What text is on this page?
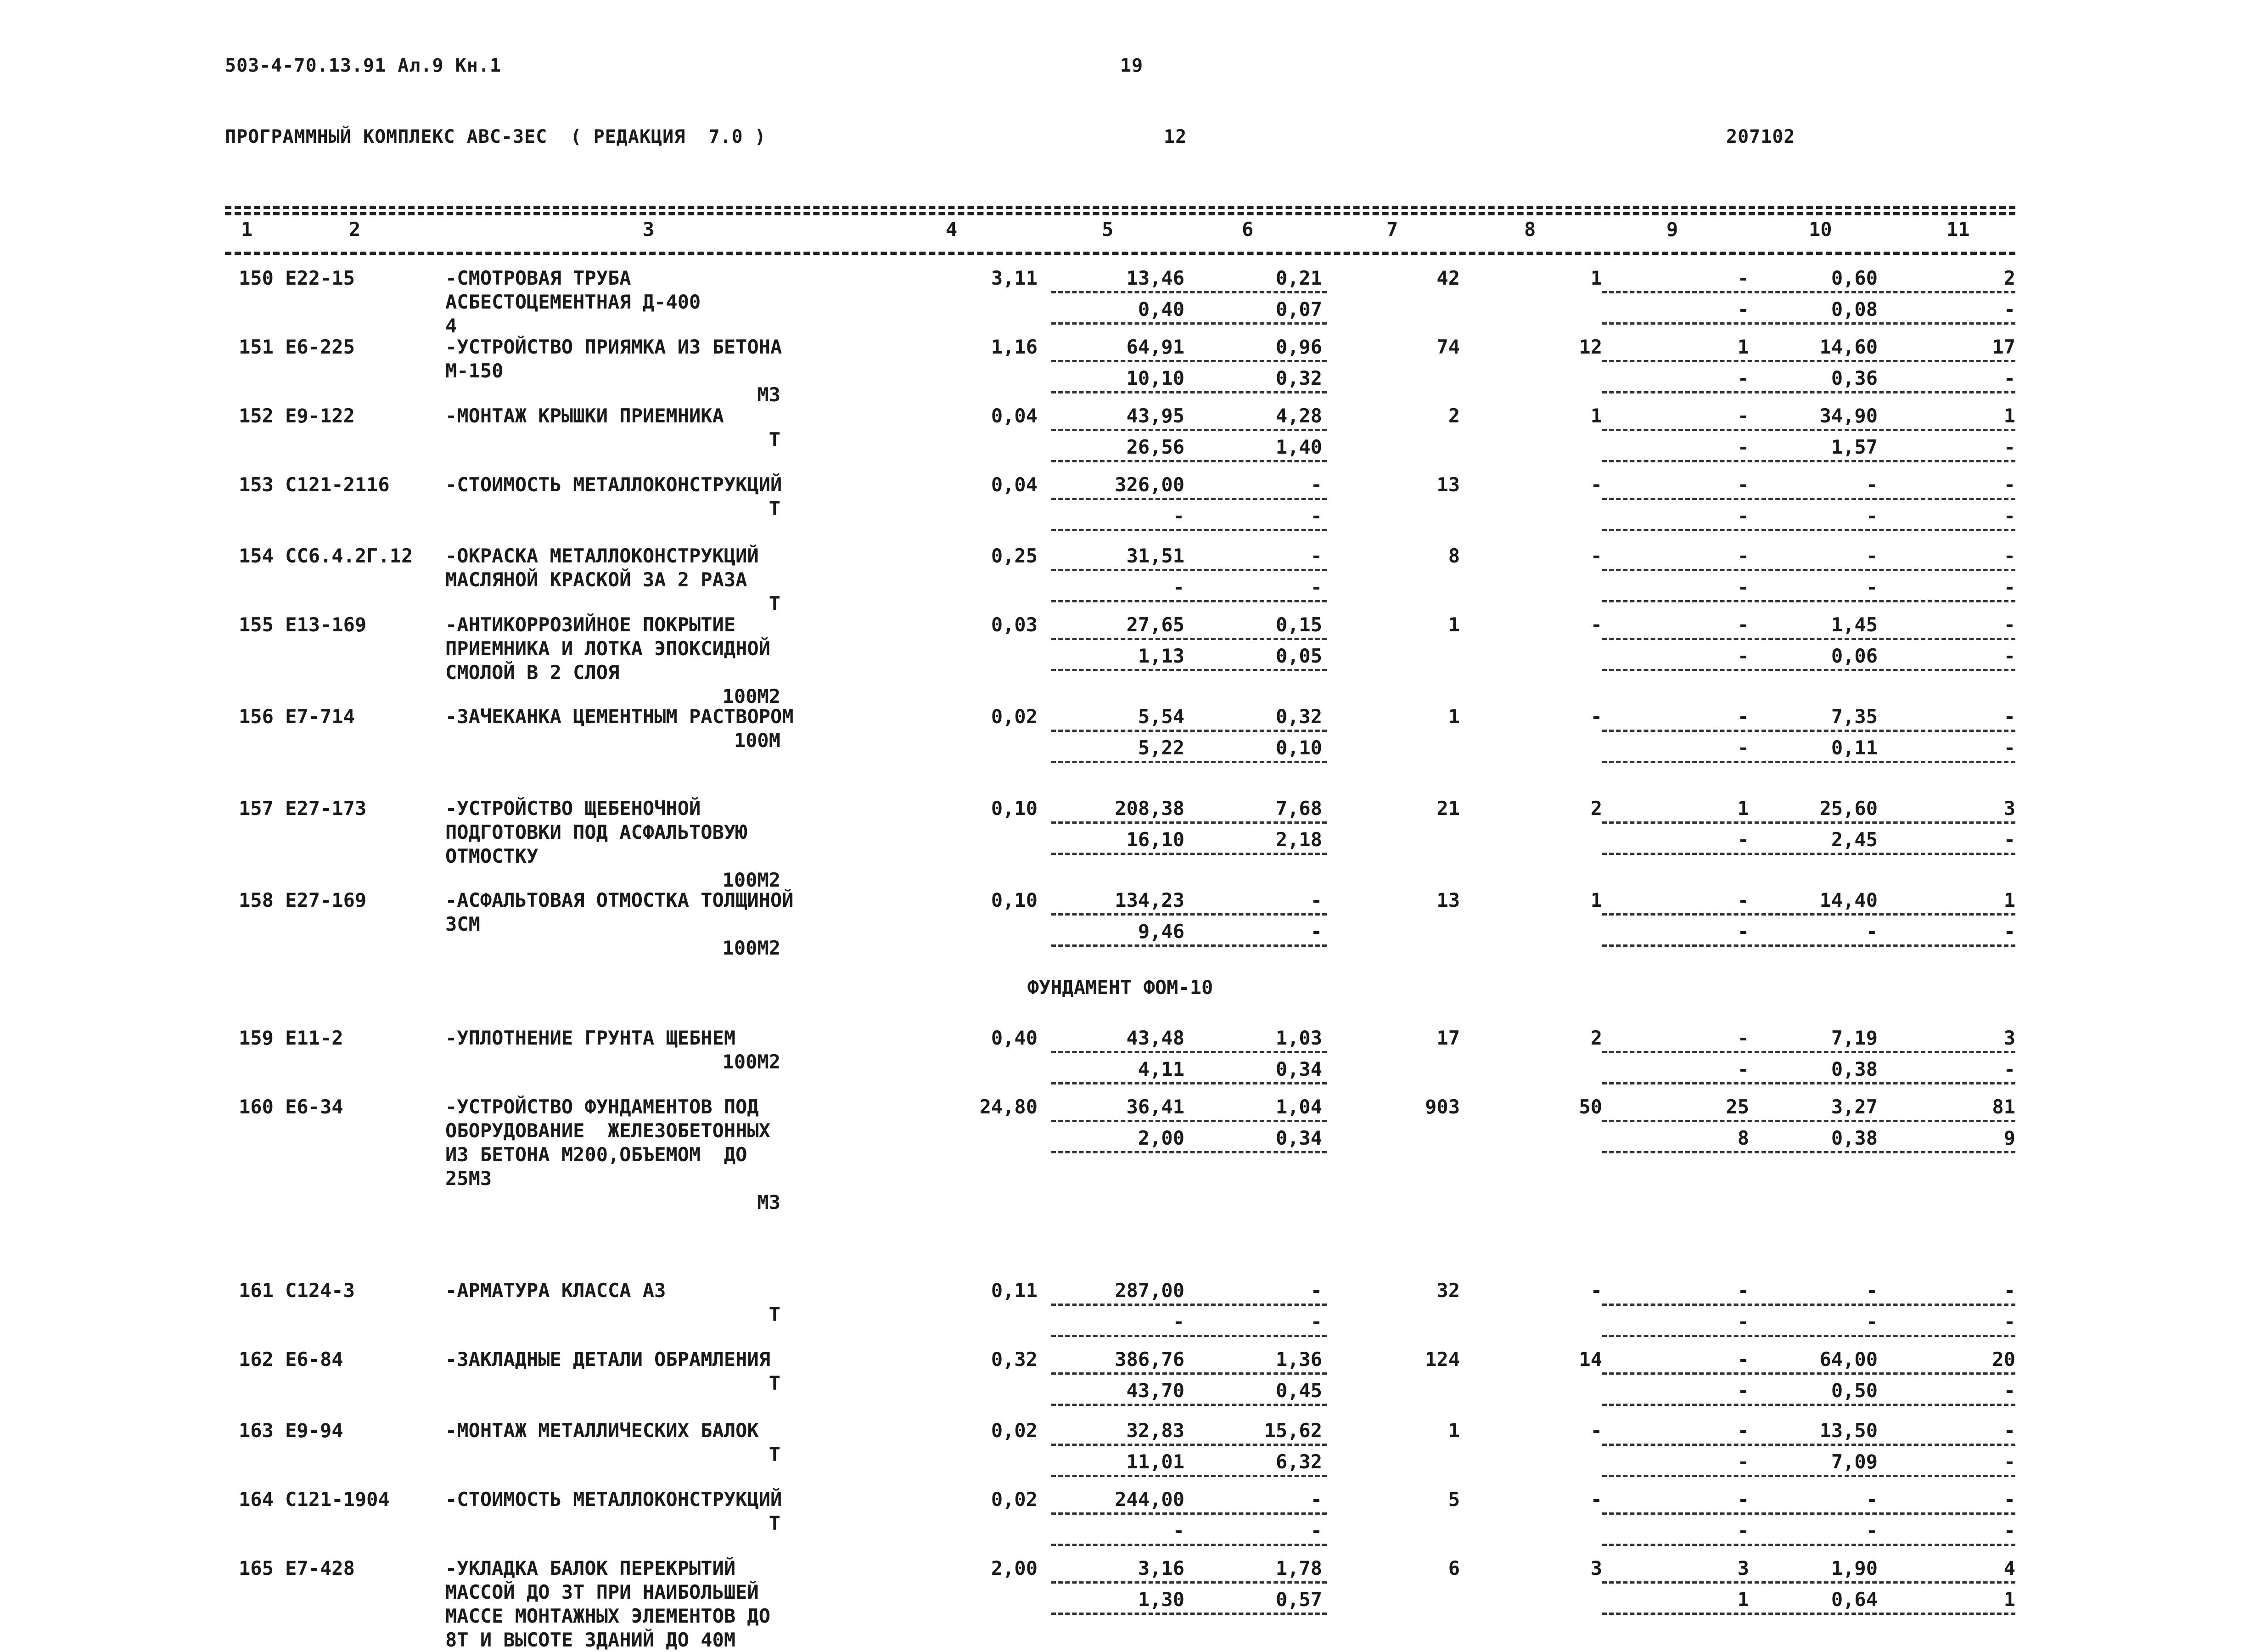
503-4-70.13.91 Ал.9 Кн.1	19
ПРОГРАММНЫЙ КОМПЛЕКС АВС-3ЕС  ( РЕДАКЦИЯ  7.0 )	12	207102
1	2	3	4	5	6	7	8	9	10	11
150 Е22-15	-СМОТРОВАЯ ТРУБА
АСБЕСТОЦЕМЕНТНАЯ Д-400
4
3,11	13,46	0,21	42	1	-	0,60	2
0,40	0,07	-	0,08	-
151 Е6-225	-УСТРОЙСТВО ПРИЯМКА ИЗ БЕТОНА
М-150
М3
1,16	64,91	0,96	74	12	1	14,60	17
10,10	0,32	-	0,36	-
152 Е9-122	-МОНТАЖ КРЫШКИ ПРИЕМНИКА
Т
0,04	43,95	4,28	2	1	-	34,90	1
26,56	1,40	-	1,57	-
153 С121-2116	-СТОИМОСТЬ МЕТАЛЛОКОНСТРУКЦИЙ
Т
0,04	326,00	-	13	-	-	-	-
-	-	-	-	-
154 СС6.4.2Г.12	-ОКРАСКА МЕТАЛЛОКОНСТРУКЦИЙ
МАСЛЯНОЙ КРАСКОЙ ЗА 2 РАЗА
Т
0,25	31,51	-	8	-	-	-	-
-	-	-	-	-
155 Е13-169	-АНТИКОРРОЗИЙНОЕ ПОКРЫТИЕ
ПРИЕМНИКА И ЛОТКА ЭПОКСИДНОЙ
СМОЛОЙ В 2 СЛОЯ
100М2
0,03	27,65	0,15	1	-	-	1,45	-
1,13	0,05	-	0,06	-
156 Е7-714	-ЗАЧЕКАНКА ЦЕМЕНТНЫМ РАСТВОРОМ
100М
0,02	5,54	0,32	1	-	-	7,35	-
5,22	0,10	-	0,11	-
157 Е27-173	-УСТРОЙСТВО ЩЕБЕНОЧНОЙ
ПОДГОТОВКИ ПОД АСФАЛЬТОВУЮ
ОТМОСТКУ
100М2
0,10	208,38	7,68	21	2	1	25,60	3
16,10	2,18	-	2,45	-
158 Е27-169	-АСФАЛЬТОВАЯ ОТМОСТКА ТОЛЩИНОЙ
3СМ
100М2
0,10	134,23	-	13	1	-	14,40	1
9,46	-	-	-	-
ФУНДАМЕНТ ФОМ-10
159 Е11-2	-УПЛОТНЕНИЕ ГРУНТА ЩЕБНЕМ
100М2
0,40	43,48	1,03	17	2	-	7,19	3
4,11	0,34	-	0,38	-
160 Е6-34	-УСТРОЙСТВО ФУНДАМЕНТОВ ПОД
ОБОРУДОВАНИЕ  ЖЕЛЕЗОБЕТОННЫХ
ИЗ БЕТОНА М200,ОБЪЕМОМ  ДО
25М3
М3
24,80	36,41	1,04	903	50	25	3,27	81
2,00	0,34	8	0,38	9
161 С124-3	-АРМАТУРА КЛАССА А3
Т
0,11	287,00	-	32	-	-	-	-
-	-	-	-	-
162 Е6-84	-ЗАКЛАДНЫЕ ДЕТАЛИ ОБРАМЛЕНИЯ
Т
0,32	386,76	1,36	124	14	-	64,00	20
43,70	0,45	-	0,50	-
163 Е9-94	-МОНТАЖ МЕТАЛЛИЧЕСКИХ БАЛОК
Т
0,02	32,83	15,62	1	-	-	13,50	-
11,01	6,32	-	7,09	-
164 С121-1904	-СТОИМОСТЬ МЕТАЛЛОКОНСТРУКЦИЙ
Т
0,02	244,00	-	5	-	-	-	-
-	-	-	-	-
165 Е7-428	-УКЛАДКА БАЛОК ПЕРЕКРЫТИЙ
МАССОЙ ДО 3Т ПРИ НАИБОЛЬШЕЙ
МАССЕ МОНТАЖНЫХ ЭЛЕМЕНТОВ ДО
8Т И ВЫСОТЕ ЗДАНИЙ ДО 40М
2,00	3,16	1,78	6	3	3	1,90	4
1,30	0,57	1	0,64	1
